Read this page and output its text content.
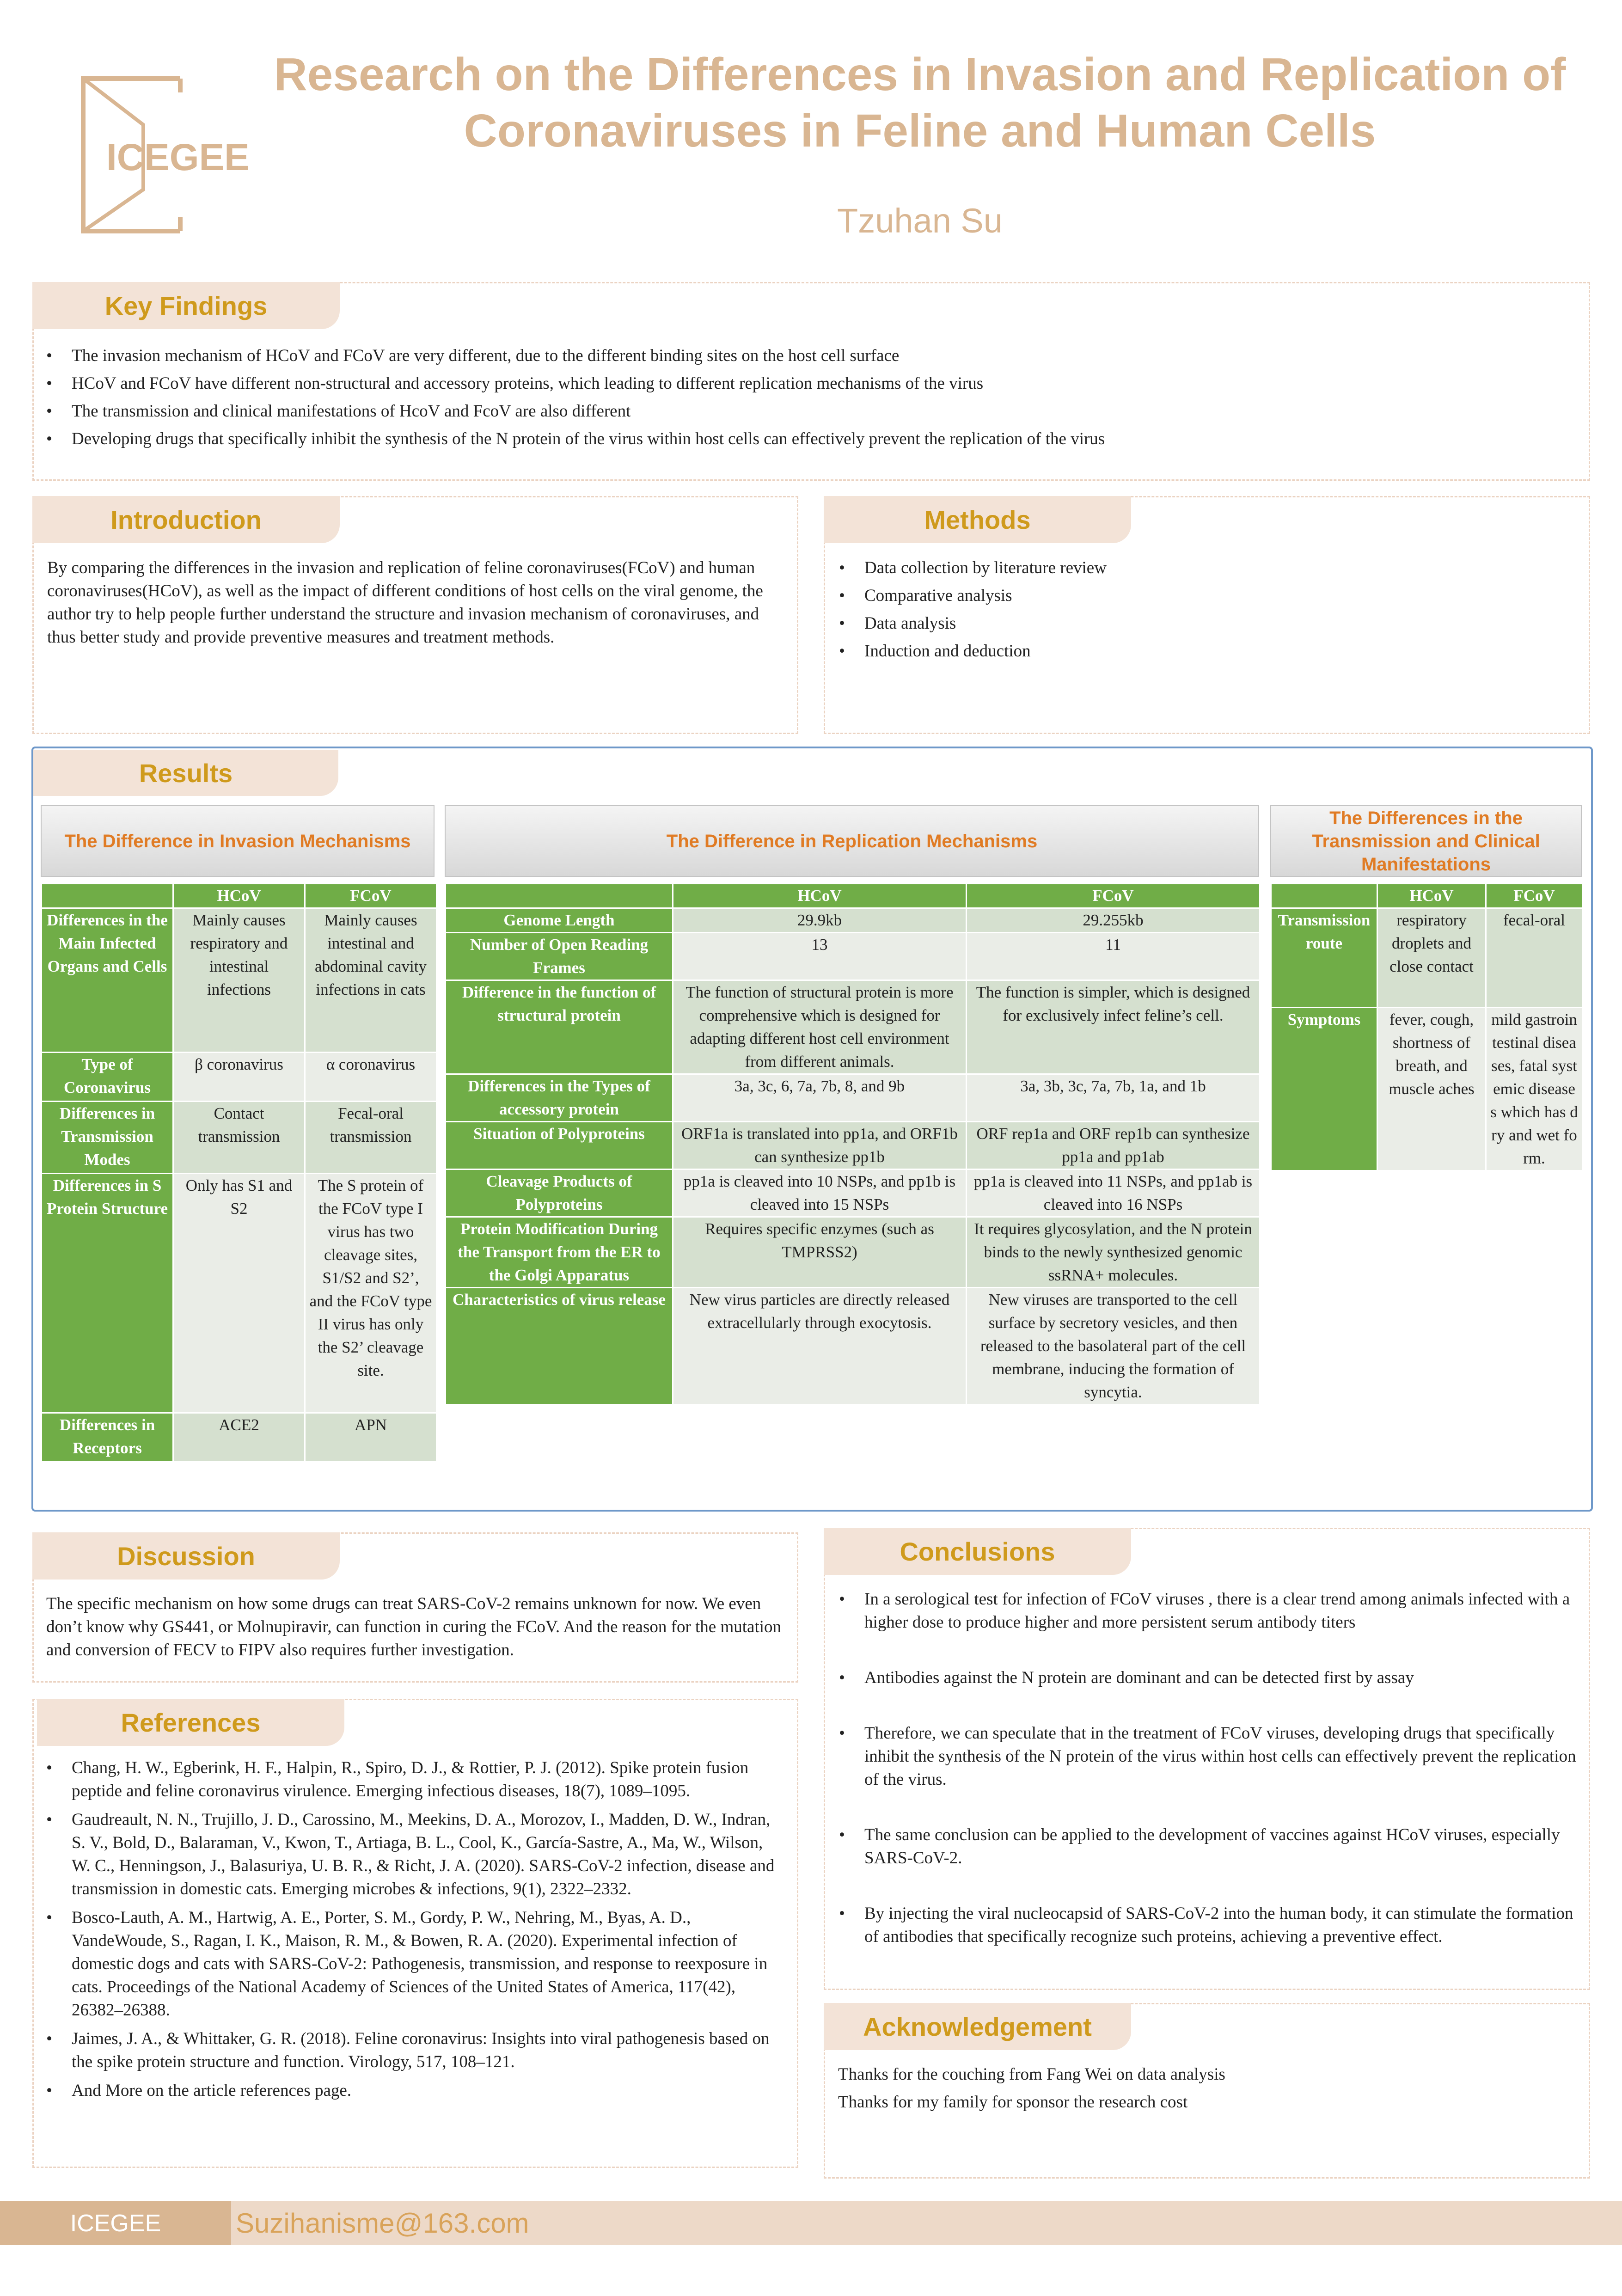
ICEGEE
Research on the Differences in Invasion and Replication of Coronaviruses in Feline and Human Cells
Tzuhan Su
Key Findings
• The invasion mechanism of HCoV and FCoV are very different, due to the different binding sites on the host cell surface
• HCoV and FCoV have different non-structural and accessory proteins, which leading to different replication mechanisms of the virus
• The transmission and clinical manifestations of HcoV and FcoV are also different
• Developing drugs that specifically inhibit the synthesis of the N protein of the virus within host cells can effectively prevent the replication of the virus
Introduction

By comparing the differences in the invasion and replication of feline coronaviruses(FCoV) and human coronaviruses(HCoV), as well as the impact of different conditions of host cells on the viral genome, the author try to help people further understand the structure and invasion mechanism of coronaviruses, and thus better study and provide preventive measures and treatment methods.

Methods
• Data collection by literature review
• Comparative analysis
• Data analysis
• Induction and deduction
Results
The Difference in Invasion Mechanisms	The Difference in Replication Mechanisms
The Differences in the Transmission and Clinical Manifestations
	HCoV	FCoV
Differences in the Main Infected Organs and Cells	Mainly causes respiratory and intestinal infections	Mainly causes intestinal and abdominal cavity infections in cats
Type of Coronavirus	β coronavirus	α coronavirus
Differences in Transmission Modes	Contact transmission	Fecal-oral transmission
Differences in S Protein Structure	Only has S1 and S2	The S protein of the FCoV type I virus has two cleavage sites, S1/S2 and S2’, and the FCoV type II virus has only the S2’ cleavage site.
Differences in Receptors	ACE2	APN
	HCoV	FCoV
Genome Length	29.9kb	29.255kb
Number of Open Reading Frames	13	11
Difference in the function of structural protein	The function of structural protein is more comprehensive which is designed for adapting different host cell environment from different animals.	The function is simpler, which is designed for exclusively infect feline’s cell.
Differences in the Types of accessory protein	3a, 3c, 6, 7a, 7b, 8, and 9b	3a, 3b, 3c, 7a, 7b, 1a, and 1b
Situation of Polyproteins	ORF1a is translated into pp1a, and ORF1b can synthesize pp1b	ORF rep1a and ORF rep1b can synthesize pp1a and pp1ab
Cleavage Products of Polyproteins	pp1a is cleaved into 10 NSPs, and pp1b is cleaved into 15 NSPs	pp1a is cleaved into 11 NSPs, and pp1ab is cleaved into 16 NSPs
Protein Modification During the Transport from the ER to the Golgi Apparatus	Requires specific enzymes (such as TMPRSS2)	It requires glycosylation, and the N protein binds to the newly synthesized genomic ssRNA+ molecules.
Characteristics of virus release	New virus particles are directly released extracellularly through exocytosis.	New viruses are transported to the cell surface by secretory vesicles, and then released to the basolateral part of the cell membrane, inducing the formation of syncytia.
	HCoV	FCoV
Transmission route	respiratory droplets and close contact	fecal-oral
Symptoms	fever, cough, shortness of breath, and muscle aches	mild gastrointestinal diseases, fatal systemic diseases which has dry and wet form.
Discussion

The specific mechanism on how some drugs can treat SARS-CoV-2 remains unknown for now. We even don’t know why GS441, or Molnupiravir, can function in curing the FCoV. And the reason for the mutation and conversion of FECV to FIPV also requires further investigation.

References
• Chang, H. W., Egberink, H. F., Halpin, R., Spiro, D. J., & Rottier, P. J. (2012). Spike protein fusion peptide and feline coronavirus virulence. Emerging infectious diseases, 18(7), 1089–1095.
• Gaudreault, N. N., Trujillo, J. D., Carossino, M., Meekins, D. A., Morozov, I., Madden, D. W., Indran, S. V., Bold, D., Balaraman, V., Kwon, T., Artiaga, B. L., Cool, K., García-Sastre, A., Ma, W., Wilson, W. C., Henningson, J., Balasuriya, U. B. R., & Richt, J. A. (2020). SARS-CoV-2 infection, disease and transmission in domestic cats. Emerging microbes & infections, 9(1), 2322–2332.
• Bosco-Lauth, A. M., Hartwig, A. E., Porter, S. M., Gordy, P. W., Nehring, M., Byas, A. D., VandeWoude, S., Ragan, I. K., Maison, R. M., & Bowen, R. A. (2020). Experimental infection of domestic dogs and cats with SARS-CoV-2: Pathogenesis, transmission, and response to reexposure in cats. Proceedings of the National Academy of Sciences of the United States of America, 117(42), 26382–26388.
• Jaimes, J. A., & Whittaker, G. R. (2018). Feline coronavirus: Insights into viral pathogenesis based on the spike protein structure and function. Virology, 517, 108–121.
• And More on the article references page.
Conclusions
• In a serological test for infection of FCoV viruses , there is a clear trend among animals infected with a higher dose to produce higher and more persistent serum antibody titers
• Antibodies against the N protein are dominant and can be detected first by assay
• Therefore, we can speculate that in the treatment of FCoV viruses, developing drugs that specifically inhibit the synthesis of the N protein of the virus within host cells can effectively prevent the replication of the virus.
• The same conclusion can be applied to the development of vaccines against HCoV viruses, especially SARS-CoV-2.
• By injecting the viral nucleocapsid of SARS-CoV-2 into the human body, it can stimulate the formation of antibodies that specifically recognize such proteins, achieving a preventive effect.
Acknowledgement

Thanks for the couching from Fang Wei on data analysis

Thanks for my family for sponsor the research cost

ICEGEE	Suzihanisme@163.com
